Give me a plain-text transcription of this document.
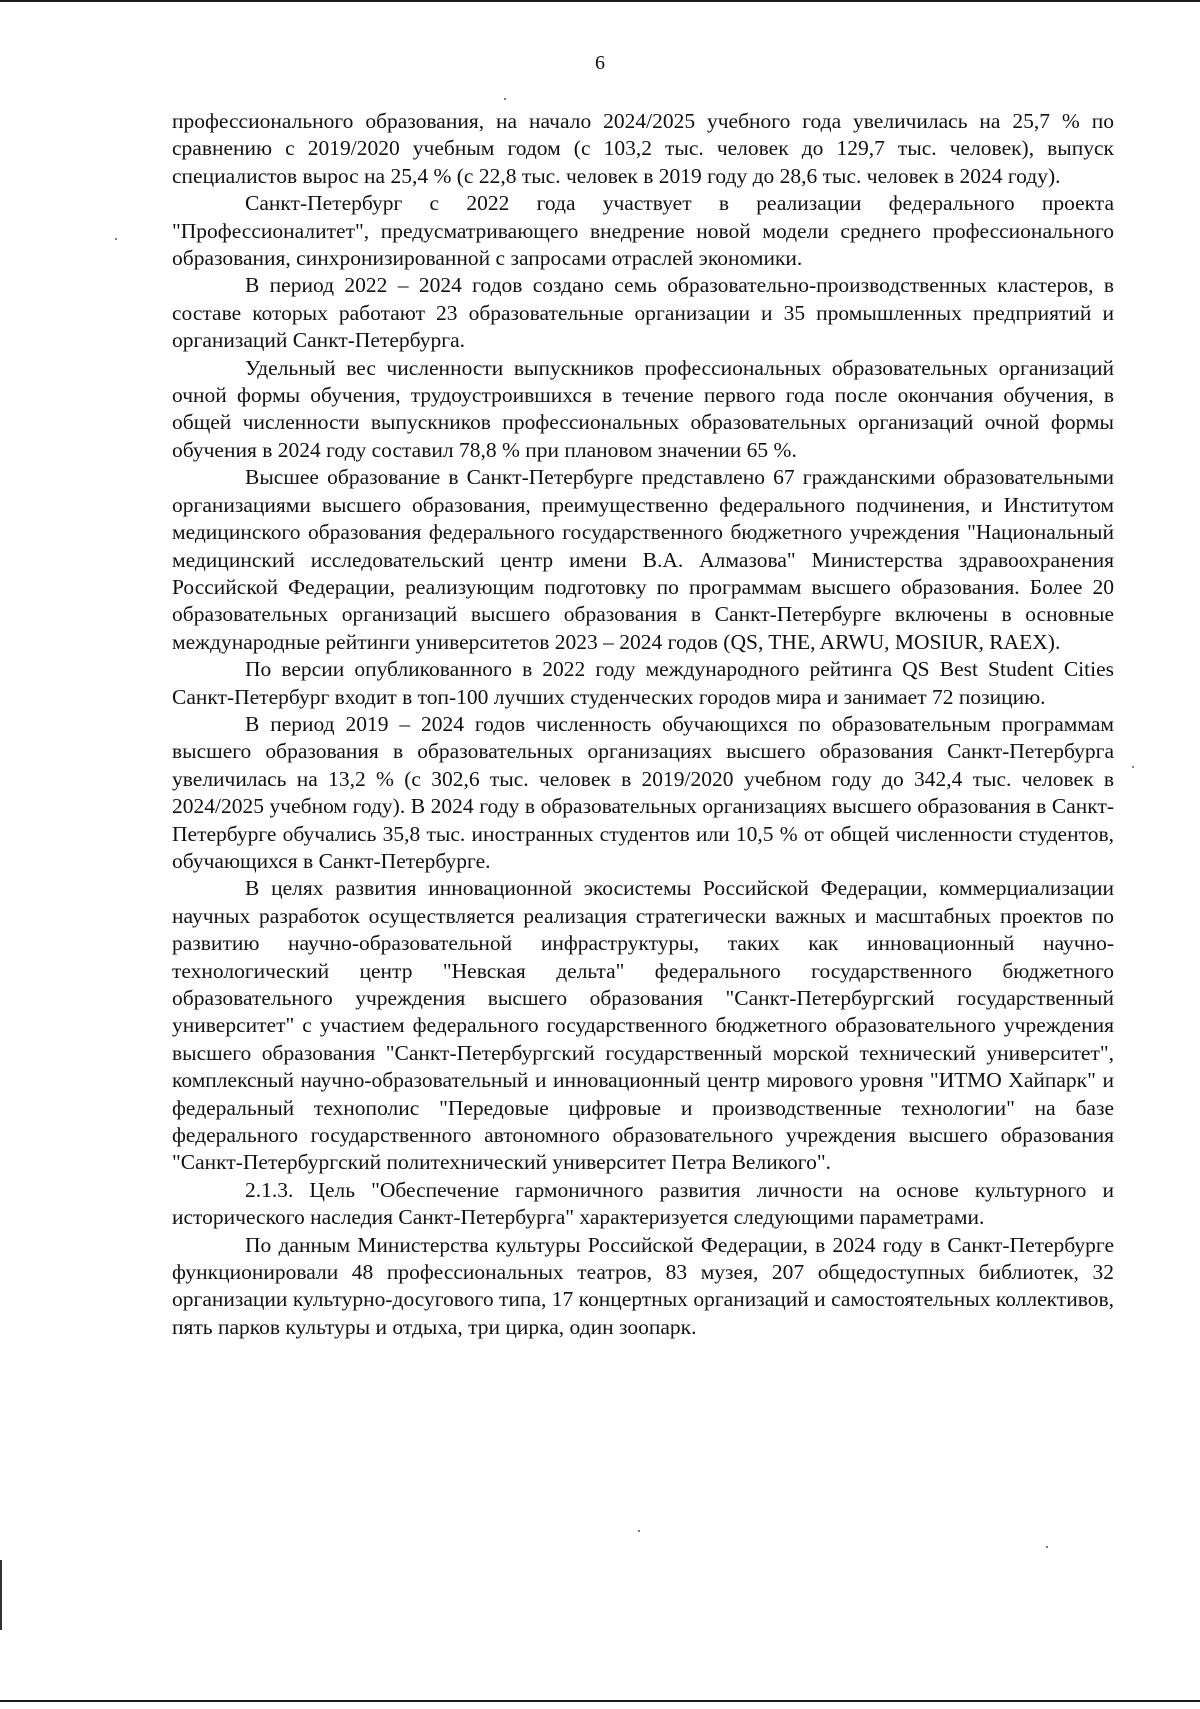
6

профессионального образования, на начало 2024/2025 учебного года увеличилась на 25,7 % по сравнению с 2019/2020 учебным годом (с 103,2 тыс. человек до 129,7 тыс. человек), выпуск специалистов вырос на 25,4 % (с 22,8 тыс. человек в 2019 году до 28,6 тыс. человек в 2024 году).

Санкт-Петербург с 2022 года участвует в реализации федерального проекта "Профессионалитет", предусматривающего внедрение новой модели среднего профессионального образования, синхронизированной с запросами отраслей экономики.

В период 2022 – 2024 годов создано семь образовательно-производственных кластеров, в составе которых работают 23 образовательные организации и 35 промышленных предприятий и организаций Санкт-Петербурга.

Удельный вес численности выпускников профессиональных образовательных организаций очной формы обучения, трудоустроившихся в течение первого года после окончания обучения, в общей численности выпускников профессиональных образовательных организаций очной формы обучения в 2024 году составил 78,8 % при плановом значении 65 %.

Высшее образование в Санкт-Петербурге представлено 67 гражданскими образовательными организациями высшего образования, преимущественно федерального подчинения, и Институтом медицинского образования федерального государственного бюджетного учреждения "Национальный медицинский исследовательский центр имени В.А. Алмазова" Министерства здравоохранения Российской Федерации, реализующим подготовку по программам высшего образования. Более 20 образовательных организаций высшего образования в Санкт-Петербурге включены в основные международные рейтинги университетов 2023 – 2024 годов (QS, THE, ARWU, MOSIUR, RAEX).

По версии опубликованного в 2022 году международного рейтинга QS Best Student Cities Санкт-Петербург входит в топ-100 лучших студенческих городов мира и занимает 72 позицию.

В период 2019 – 2024 годов численность обучающихся по образовательным программам высшего образования в образовательных организациях высшего образования Санкт-Петербурга увеличилась на 13,2 % (с 302,6 тыс. человек в 2019/2020 учебном году до 342,4 тыс. человек в 2024/2025 учебном году). В 2024 году в образовательных организациях высшего образования в Санкт-Петербурге обучались 35,8 тыс. иностранных студентов или 10,5 % от общей численности студентов, обучающихся в Санкт-Петербурге.

В целях развития инновационной экосистемы Российской Федерации, коммерциализации научных разработок осуществляется реализация стратегически важных и масштабных проектов по развитию научно-образовательной инфраструктуры, таких как инновационный научно-технологический центр "Невская дельта" федерального государственного бюджетного образовательного учреждения высшего образования "Санкт-Петербургский государственный университет" с участием федерального государственного бюджетного образовательного учреждения высшего образования "Санкт-Петербургский государственный морской технический университет", комплексный научно-образовательный и инновационный центр мирового уровня "ИТМО Хайпарк" и федеральный технополис "Передовые цифровые и производственные технологии" на базе федерального государственного автономного образовательного учреждения высшего образования "Санкт-Петербургский политехнический университет Петра Великого".

2.1.3. Цель "Обеспечение гармоничного развития личности на основе культурного и исторического наследия Санкт-Петербурга" характеризуется следующими параметрами.

По данным Министерства культуры Российской Федерации, в 2024 году в Санкт-Петербурге функционировали 48 профессиональных театров, 83 музея, 207 общедоступных библиотек, 32 организации культурно-досугового типа, 17 концертных организаций и самостоятельных коллективов, пять парков культуры и отдыха, три цирка, один зоопарк.
